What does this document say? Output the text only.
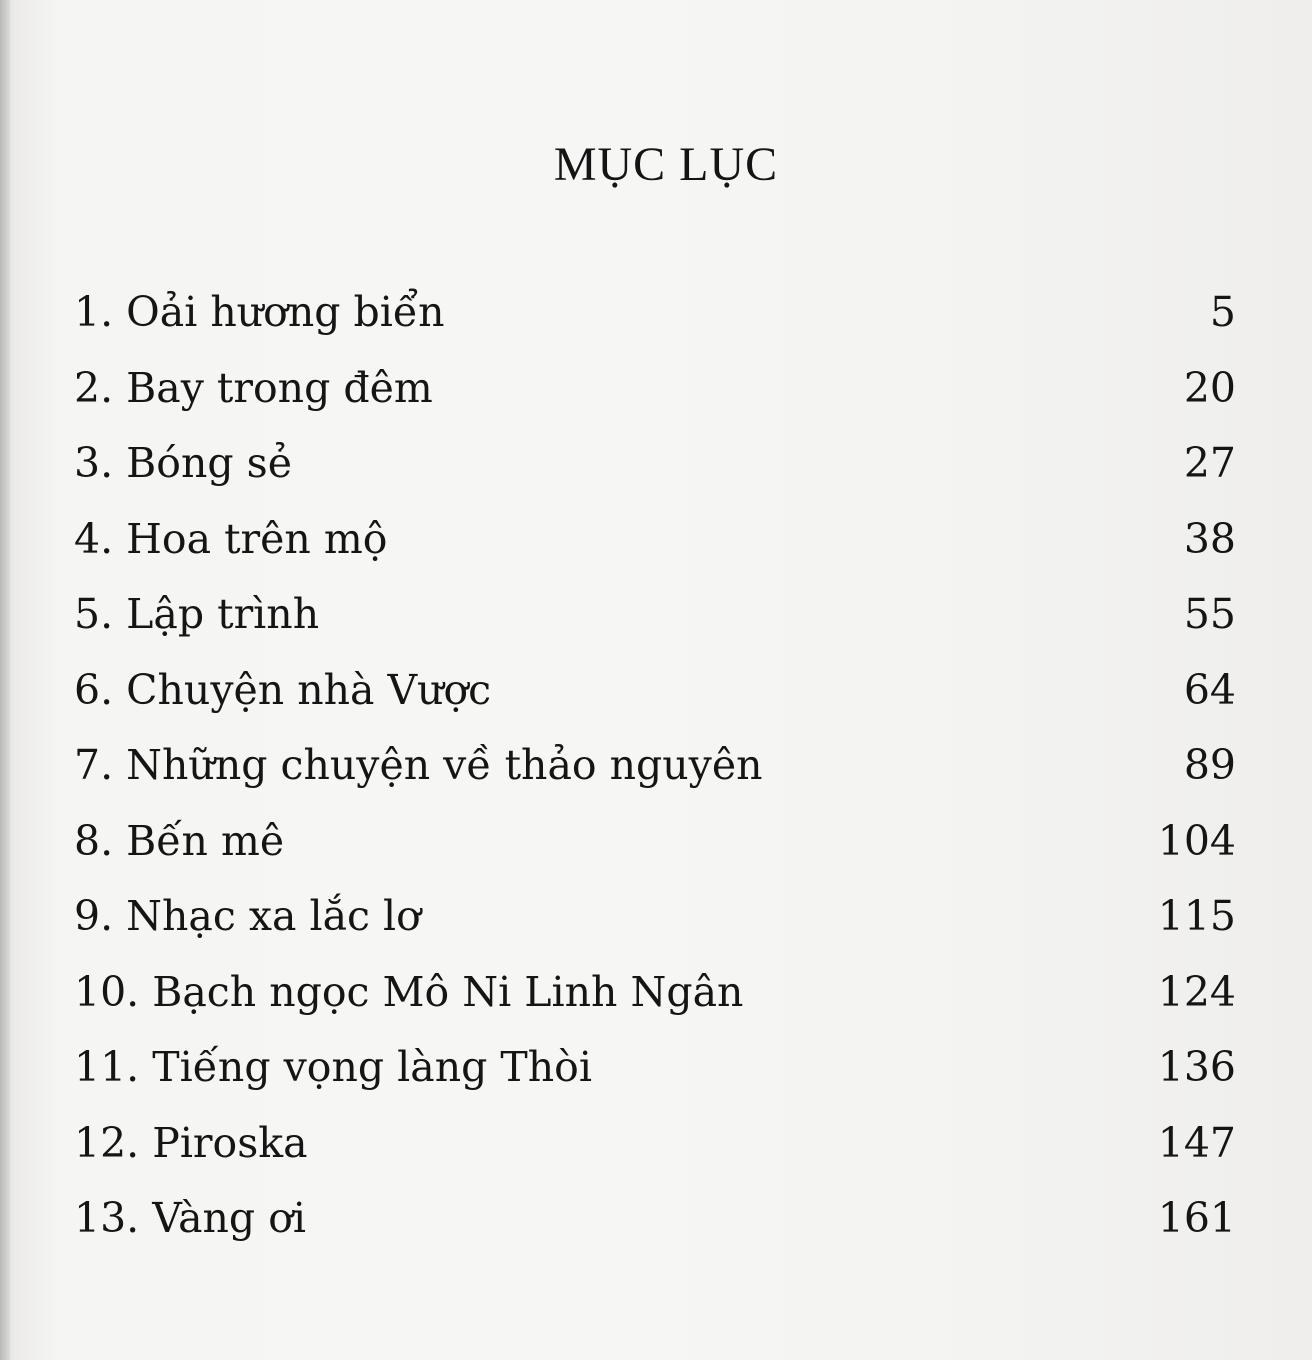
MỤC LỤC
1. Oải hương biển	5
2. Bay trong đêm	20
3. Bóng sẻ	27
4. Hoa trên mộ	38
5. Lập trình	55
6. Chuyện nhà Vược	64
7. Những chuyện về thảo nguyên	89
8. Bến mê	104
9. Nhạc xa lắc lơ	115
10. Bạch ngọc Mô Ni Linh Ngân	124
11. Tiếng vọng làng Thòi	136
12. Piroska	147
13. Vàng ơi	161
